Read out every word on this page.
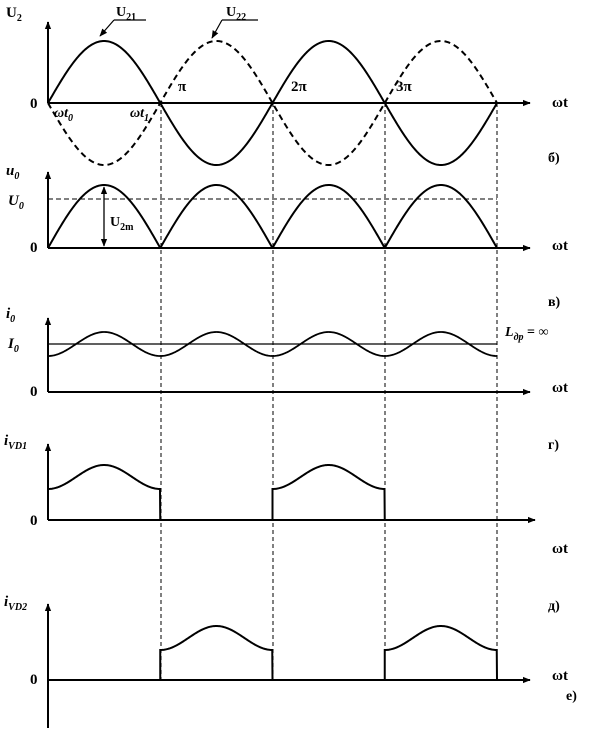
$U_2$
$u_0$
$i_0$
$i_{VD1}$
$i_{VD2}$
ωt
ωt
ωt
ωt
ωt
0
0
0
0
0
$U_{21}$	$U_{22}$
$\omega t_0$	$\omega t_1$
π	2π	3π
$U_0$
$I_0$
$U_{2m}$
$L_{др}$ = ∞
б)
в)
г)
д)
е)
